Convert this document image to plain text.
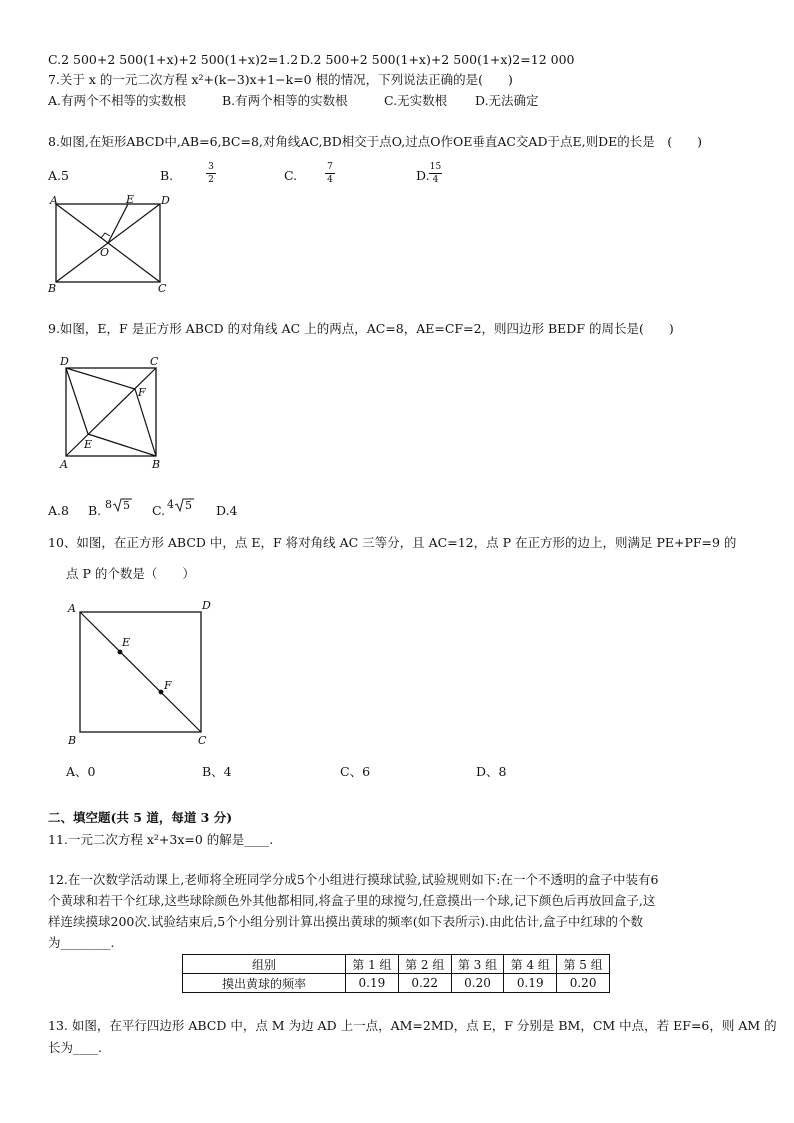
C.2 500+2 500(1+x)+2 500(1+x)2=1.2 D.2 500+2 500(1+x)+2 500(1+x)2=12 000
7.关于 x 的一元二次方程 x²+(k−3)x+1−k=0 根的情况，下列说法正确的是(　　)
A.有两个不相等的实数根	B.有两个相等的实数根	C.无实数根 D.无法确定
8.如图,在矩形ABCD中,AB=6,BC=8,对角线AC,BD相交于点O,过点O作OE垂直AC交AD于点E,则DE的长是　(　　)
A.5	B.
3
2	C.
7
4	D.
15
4
A	E D
O
B	C
9.如图，E，F 是正方形 ABCD 的对角线 AC 上的两点，AC=8，AE=CF=2，则四边形 BEDF 的周长是(　　)
D	C
F
E
A	B
A.8 B. 8 5 C. 4 5 D.4
10、如图，在正方形 ABCD 中，点 E，F 将对角线 AC 三等分，且 AC=12，点 P 在正方形的边上，则满足 PE+PF=9 的
点 P 的个数是（　　）
A	D
E
F
B	C
A、0	B、4	C、6	D、8
二、填空题(共 5 道，每道 3 分)
11.一元二次方程 x²+3x=0 的解是____.
12.在一次数学活动课上,老师将全班同学分成5个小组进行摸球试验,试验规则如下:在一个不透明的盒子中装有6
个黄球和若干个红球,这些球除颜色外其他都相同,将盒子里的球搅匀,任意摸出一个球,记下颜色后再放回盒子,这
样连续摸球200次.试验结束后,5个小组分别计算出摸出黄球的频率(如下表所示).由此估计,盒子中红球的个数
为________.
组别	第 1 组	第 2 组	第 3 组	第 4 组	第 5 组
摸出黄球的频率	0.19	0.22	0.20	0.19	0.20
13. 如图，在平行四边形 ABCD 中，点 M 为边 AD 上一点，AM=2MD，点 E，F 分别是 BM，CM 中点，若 EF=6，则 AM 的
长为____.
